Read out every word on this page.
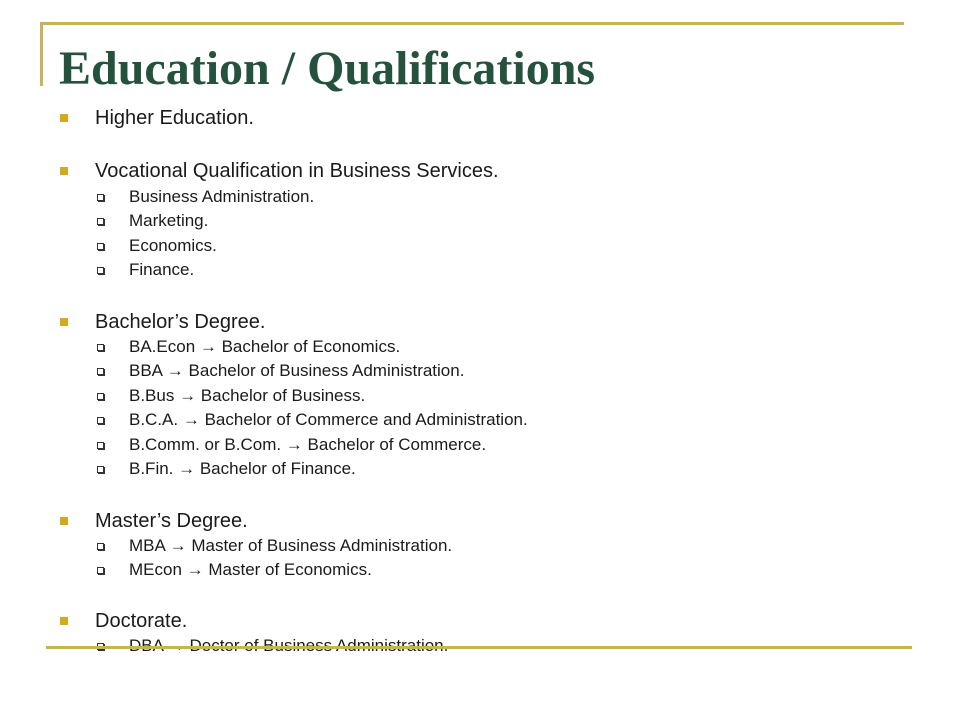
Education / Qualifications
Higher Education.
Vocational Qualification in Business Services.
Business Administration.
Marketing.
Economics.
Finance.
Bachelor’s Degree.
BA.Econ → Bachelor of Economics.
BBA → Bachelor of Business Administration.
B.Bus → Bachelor of Business.
B.C.A. → Bachelor of Commerce and Administration.
B.Comm. or B.Com. → Bachelor of Commerce.
B.Fin. → Bachelor of Finance.
Master’s Degree.
MBA → Master of Business Administration.
MEcon → Master of Economics.
Doctorate.
